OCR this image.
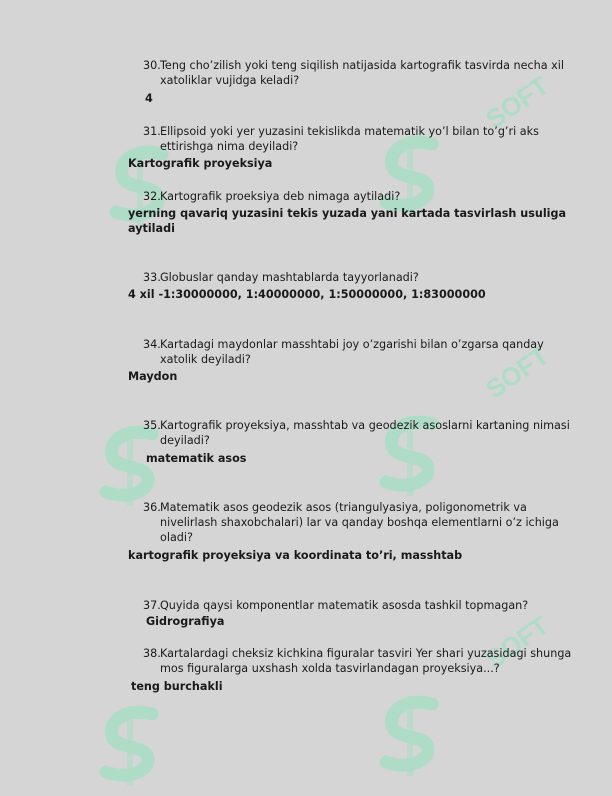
SOFT
SOFT
SOFT
30. Teng cho’zilish yoki teng siqilish natijasida kartografik tasvirda necha xil xatoliklar vujidga keladi?
4
31. Ellipsoid yoki yer yuzasini tekislikda matematik yo’l bilan to’g’ri aks ettirishga nima deyiladi?
Kartografik proyeksiya
32. Kartografik proeksiya deb nimaga aytiladi?
yerning qavariq yuzasini tekis yuzada yani kartada tasvirlash usuliga aytiladi
33. Globuslar qanday mashtablarda tayyorlanadi?
4 xil -1:30000000, 1:40000000, 1:50000000, 1:83000000
34. Kartadagi maydonlar masshtabi joy o’zgarishi bilan o’zgarsa qanday xatolik deyiladi?
Maydon
35. Kartografik proyeksiya, masshtab va geodezik asoslarni kartaning nimasi deyiladi?
matematik asos
36. Matematik asos geodezik asos (triangulyasiya, poligonometrik va nivelirlash shaxobchalari) lar va qanday boshqa elementlarni o’z ichiga oladi?
kartografik proyeksiya va koordinata to’ri, masshtab
37. Quyida qaysi komponentlar matematik asosda tashkil topmagan?
Gidrografiya
38. Kartalardagi cheksiz kichkina figuralar tasviri Yer shari yuzasidagi shunga mos figuralarga uxshash xolda tasvirlandagan proyeksiya...?
teng burchakli
